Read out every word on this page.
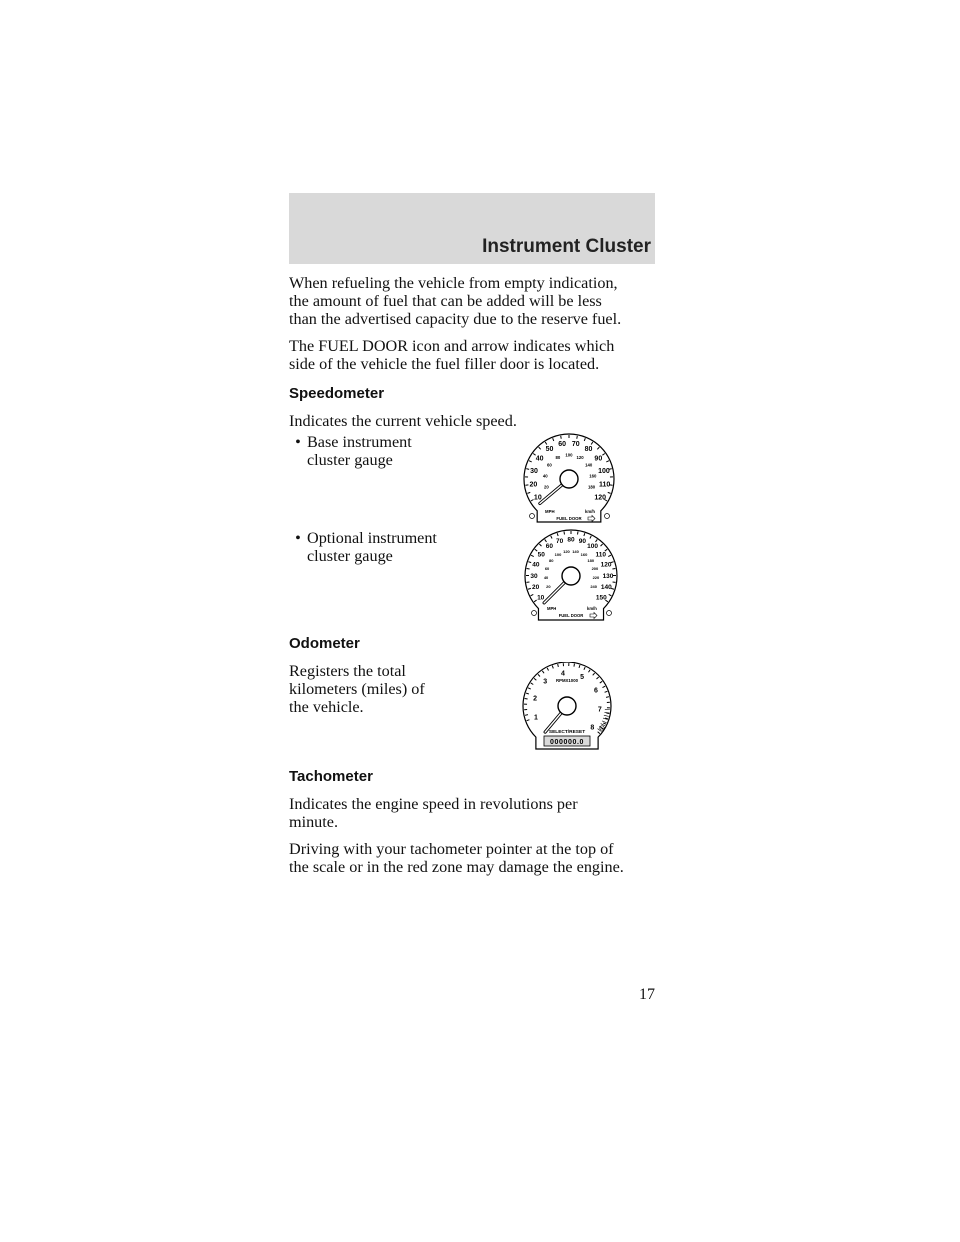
Instrument Cluster

When refueling the vehicle from empty indication,
the amount of fuel that can be added will be less
than the advertised capacity due to the reserve fuel.

The FUEL DOOR icon and arrow indicates which
side of the vehicle the fuel filler door is located.

Speedometer

Indicates the current vehicle speed.

• Base instrument
cluster gauge
10
20
30
40
50
60 70
80
90
100
110
120
20
40
60
80
100
120
140
160
180
MPH	km/h
FUEL DOOR
• Optional instrument
cluster gauge
10
20
30
40
50
60
70 80 90
100
110
120
130
140
150
20
40
60
80
100
120 140
160
180
200
220
240
MPH	km/h
FUEL DOOR
Odometer

Registers the total
kilometers (miles) of
the vehicle.

1
2
3
4 5
6
7
8
RPMX1000
SELECT/RESET
000000.0
Tachometer

Indicates the engine speed in revolutions per
minute.

Driving with your tachometer pointer at the top of
the scale or in the red zone may damage the engine.

17
